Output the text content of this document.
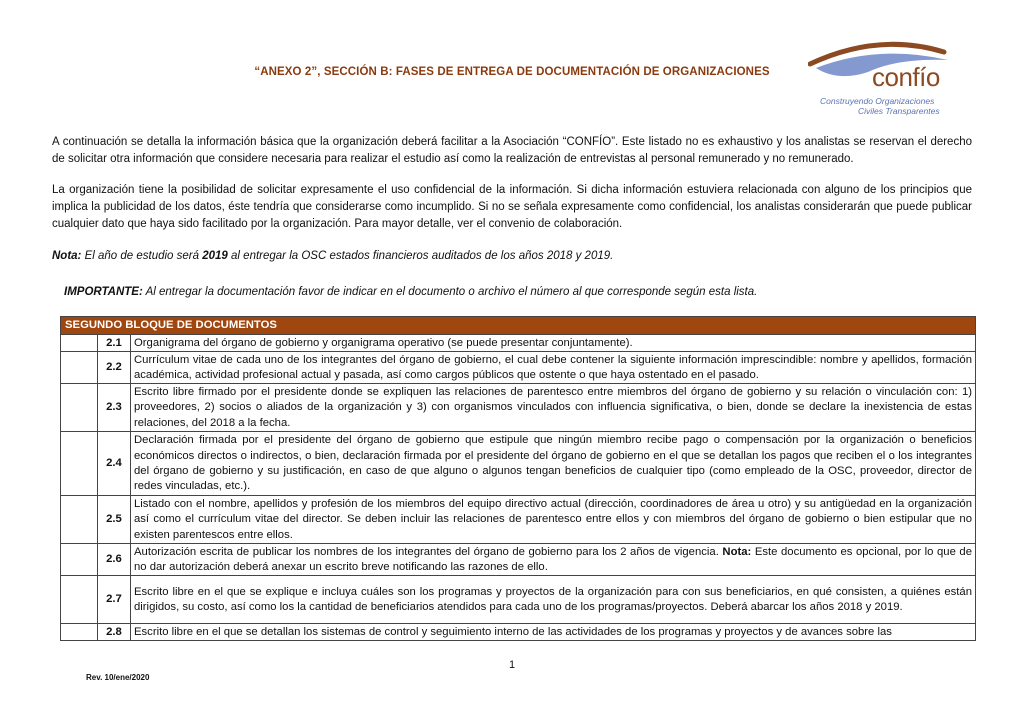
“ANEXO 2”, SECCIÓN B: FASES DE ENTREGA DE DOCUMENTACIÓN DE ORGANIZACIONES	confío
Construyendo Organizaciones
Civiles Transparentes
A continuación se detalla la información básica que la organización deberá facilitar a la Asociación “CONFÍO”. Este listado no es exhaustivo y los analistas se reservan el derecho de solicitar otra información que considere necesaria para realizar el estudio así como la realización de entrevistas al personal remunerado y no remunerado.
La organización tiene la posibilidad de solicitar expresamente el uso confidencial de la información. Si dicha información estuviera relacionada con alguno de los principios que implica la publicidad de los datos, éste tendría que considerarse como incumplido. Si no se señala expresamente como confidencial, los analistas considerarán que puede publicar cualquier dato que haya sido facilitado por la organización. Para mayor detalle, ver el convenio de colaboración.
Nota: El año de estudio será 2019 al entregar la OSC estados financieros auditados de los años 2018 y 2019.
IMPORTANTE: Al entregar la documentación favor de indicar en el documento o archivo el número al que corresponde según esta lista.
SEGUNDO BLOQUE DE DOCUMENTOS		
	2.1	Organigrama del órgano de gobierno y organigrama operativo (se puede presentar conjuntamente).
	2.2	Currículum vitae de cada uno de los integrantes del órgano de gobierno, el cual debe contener la siguiente información imprescindible: nombre y apellidos, formación académica, actividad profesional actual y pasada, así como cargos públicos que ostente o que haya ostentado en el pasado.
	2.3	Escrito libre firmado por el presidente donde se expliquen las relaciones de parentesco entre miembros del órgano de gobierno y su relación o vinculación con: 1) proveedores, 2) socios o aliados de la organización y 3) con organismos vinculados con influencia significativa, o bien, donde se declare la inexistencia de estas relaciones, del 2018 a la fecha.
	2.4	Declaración firmada por el presidente del órgano de gobierno que estipule que ningún miembro recibe pago o compensación por la organización o beneficios económicos directos o indirectos, o bien, declaración firmada por el presidente del órgano de gobierno en el que se detallan los pagos que reciben el o los integrantes del órgano de gobierno y su justificación, en caso de que alguno o algunos tengan beneficios de cualquier tipo (como empleado de la OSC, proveedor, director de redes vinculadas, etc.).
	2.5	Listado con el nombre, apellidos y profesión de los miembros del equipo directivo actual (dirección, coordinadores de área u otro) y su antigüedad en la organización así como el currículum vitae del director. Se deben incluir las relaciones de parentesco entre ellos y con miembros del órgano de gobierno o bien estipular que no existen parentescos entre ellos.
	2.6	Autorización escrita de publicar los nombres de los integrantes del órgano de gobierno para los 2 años de vigencia. Nota: Este documento es opcional, por lo que de no dar autorización deberá anexar un escrito breve notificando las razones de ello.
	2.7	Escrito libre en el que se explique e incluya cuáles son los programas y proyectos de la organización para con sus beneficiarios, en qué consisten, a quiénes están dirigidos, su costo, así como los la cantidad de beneficiarios atendidos para cada uno de los programas/proyectos. Deberá abarcar los años 2018 y 2019.
	2.8	Escrito libre en el que se detallan los sistemas de control y seguimiento interno de las actividades de los programas y proyectos y de avances sobre las
1
Rev. 10/ene/2020
